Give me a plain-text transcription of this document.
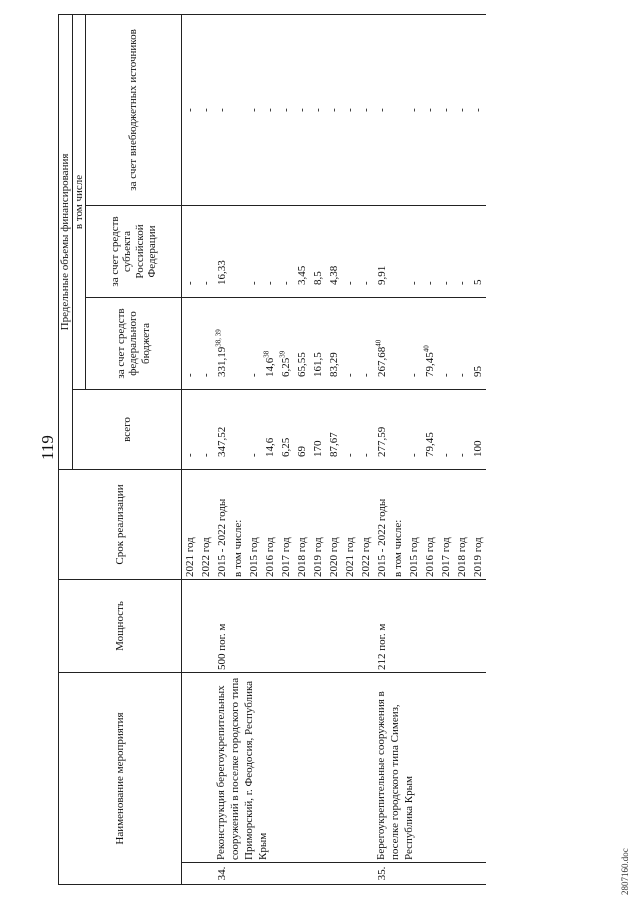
119
Наименование мероприятия		Мощность	Срок реализации	Предельные объемы финансирования			
				всего	в том числе		
					за счет средств федерального бюджета	за счет средств субъекта Российской Федерации	за счет внебюджетных источников
			2021 год	-	-	-	-
			2022 год	-	-	-	-
34.	Реконструкция берегоукрепительных сооружений в поселке городского типа Приморский, г. Феодосия, Республика Крым	500 пог. м	2015 - 2022 годы	347,52	331,19$^{38, 39}$	16,33	-
			в том числе:				
			2015 год	-	-	-	-
			2016 год	14,6	14,6$^{38}$	-	-
			2017 год	6,25	6,25$^{39}$	-	-
			2018 год	69	65,55	3,45	-
			2019 год	170	161,5	8,5	-
			2020 год	87,67	83,29	4,38	-
			2021 год	-	-	-	-
			2022 год	-	-	-	-
35.	Берегоукрепительные сооружения в поселке городского типа Симеиз, Республика Крым	212 пог. м	2015 - 2022 годы	277,59	267,68$^{40}$	9,91	-
			в том числе:				
			2015 год	-	-	-	-
			2016 год	79,45	79,45$^{40}$	-	-
			2017 год	-	-	-	-
			2018 год	-	-	-	-
			2019 год	100	95	5	-
2807160.doc
